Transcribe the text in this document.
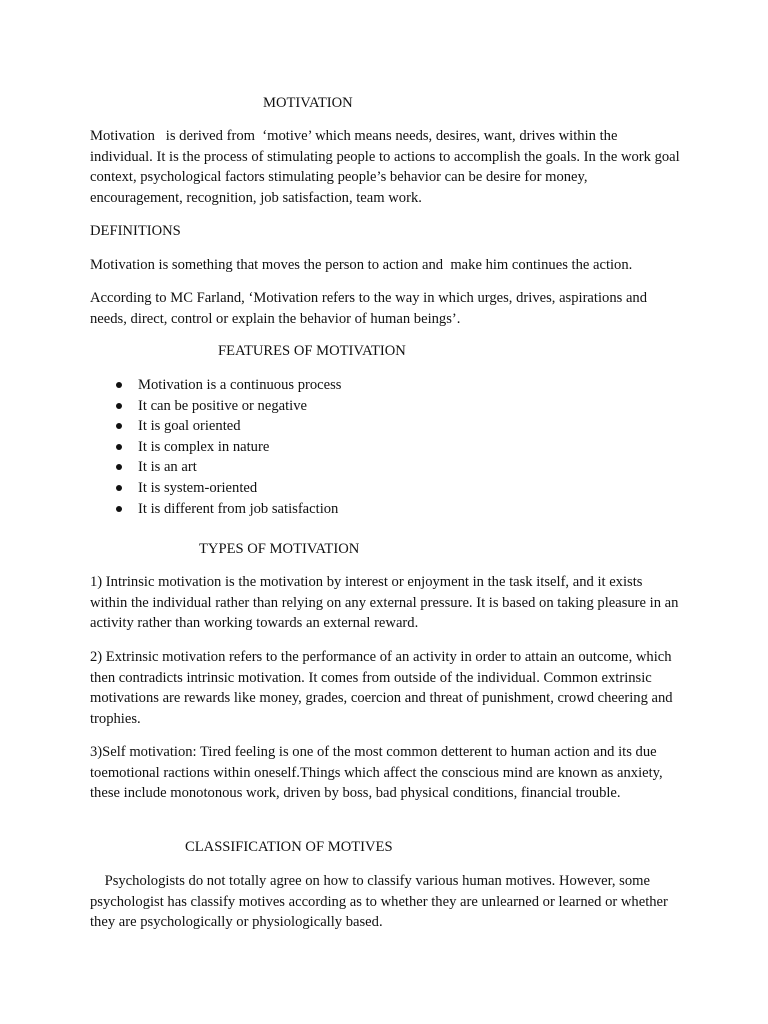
MOTIVATION

Motivation   is derived from  ‘motive’ which means needs, desires, want, drives within the individual. It is the process of stimulating people to actions to accomplish the goals. In the work goal context, psychological factors stimulating people’s behavior can be desire for money, encouragement, recognition, job satisfaction, team work.

DEFINITIONS

Motivation is something that moves the person to action and  make him continues the action.

According to MC Farland, ‘Motivation refers to the way in which urges, drives, aspirations and needs, direct, control or explain the behavior of human beings’.

FEATURES OF MOTIVATION
Motivation is a continuous process
It can be positive or negative
It is goal oriented
It is complex in nature
It is an art
It is system-oriented
It is different from job satisfaction
TYPES OF MOTIVATION

1) Intrinsic motivation is the motivation by interest or enjoyment in the task itself, and it exists within the individual rather than relying on any external pressure. It is based on taking pleasure in an activity rather than working towards an external reward.

2) Extrinsic motivation refers to the performance of an activity in order to attain an outcome, which then contradicts intrinsic motivation. It comes from outside of the individual. Common extrinsic motivations are rewards like money, grades, coercion and threat of punishment, crowd cheering and trophies.

3)Self motivation: Tired feeling is one of the most common detterent to human action and its due toemotional ractions within oneself.Things which affect the conscious mind are known as anxiety, these include monotonous work, driven by boss, bad physical conditions, financial trouble.

CLASSIFICATION OF MOTIVES

Psychologists do not totally agree on how to classify various human motives. However, some psychologist has classify motives according as to whether they are unlearned or learned or whether they are psychologically or physiologically based.
